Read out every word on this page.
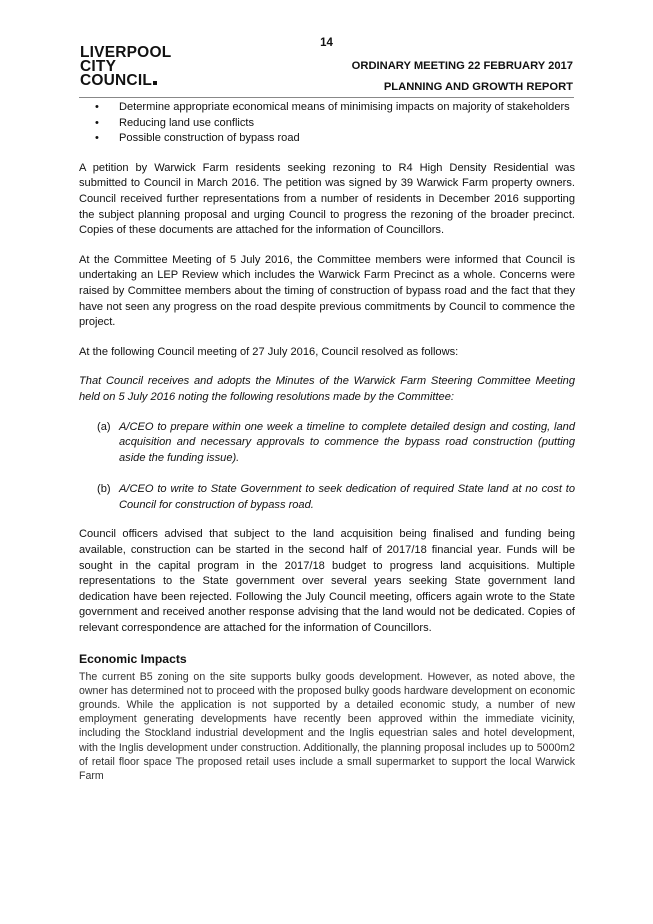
14
LIVERPOOL
CITY
COUNCIL
ORDINARY MEETING 22 FEBRUARY 2017
PLANNING AND GROWTH REPORT
• Determine appropriate economical means of minimising impacts on majority of stakeholders
• Reducing land use conflicts
• Possible construction of bypass road

A petition by Warwick Farm residents seeking rezoning to R4 High Density Residential was submitted to Council in March 2016. The petition was signed by 39 Warwick Farm property owners. Council received further representations from a number of residents in December 2016 supporting the subject planning proposal and urging Council to progress the rezoning of the broader precinct. Copies of these documents are attached for the information of Councillors.

At the Committee Meeting of 5 July 2016, the Committee members were informed that Council is undertaking an LEP Review which includes the Warwick Farm Precinct as a whole. Concerns were raised by Committee members about the timing of construction of bypass road and the fact that they have not seen any progress on the road despite previous commitments by Council to commence the project.

At the following Council meeting of 27 July 2016, Council resolved as follows:

That Council receives and adopts the Minutes of the Warwick Farm Steering Committee Meeting held on 5 July 2016 noting the following resolutions made by the Committee:

(a) A/CEO to prepare within one week a timeline to complete detailed design and costing, land acquisition and necessary approvals to commence the bypass road construction (putting aside the funding issue).
(b) A/CEO to write to State Government to seek dedication of required State land at no cost to Council for construction of bypass road.

Council officers advised that subject to the land acquisition being finalised and funding being available, construction can be started in the second half of 2017/18 financial year. Funds will be sought in the capital program in the 2017/18 budget to progress land acquisitions. Multiple representations to the State government over several years seeking State government land dedication have been rejected. Following the July Council meeting, officers again wrote to the State government and received another response advising that the land would not be dedicated. Copies of relevant correspondence are attached for the information of Councillors.

Economic Impacts

The current B5 zoning on the site supports bulky goods development. However, as noted above, the owner has determined not to proceed with the proposed bulky goods hardware development on economic grounds. While the application is not supported by a detailed economic study, a number of new employment generating developments have recently been approved within the immediate vicinity, including the Stockland industrial development and the Inglis equestrian sales and hotel development, with the Inglis development under construction. Additionally, the planning proposal includes up to 5000m2 of retail floor space The proposed retail uses include a small supermarket to support the local Warwick Farm
